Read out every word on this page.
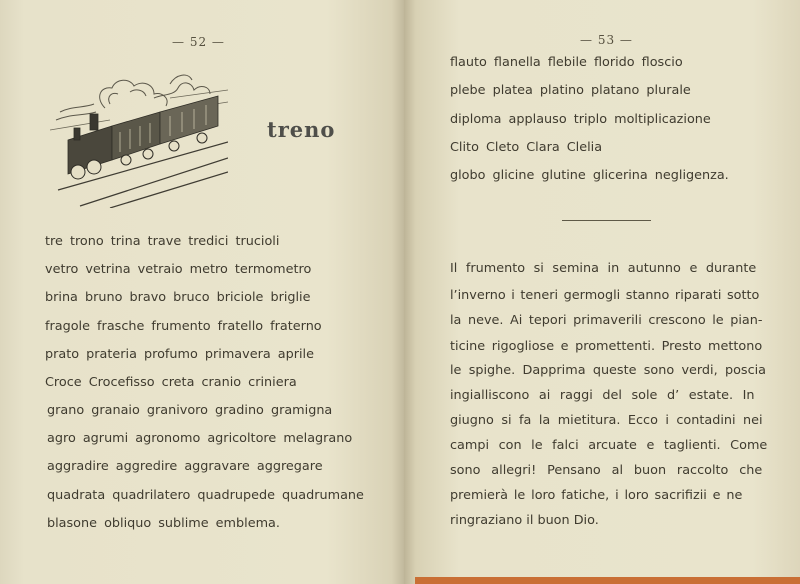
— 52 —
treno
tre trono trina trave tredici trucioli
vetro vetrina vetraio metro termometro
brina bruno bravo bruco briciole briglie
fragole frasche frumento fratello fraterno
prato prateria profumo primavera aprile
Croce Crocefisso creta cranio criniera
grano granaio granivoro gradino gramigna
agro agrumi agronomo agricoltore melagrano
aggradire aggredire aggravare aggregare
quadrata quadrilatero quadrupede quadrumane
blasone obliquo sublime emblema.
— 53 —
flauto flanella flebile florido floscio
plebe platea platino platano plurale
diploma applauso triplo moltiplicazione
Clito Cleto Clara Clelia
globo glicine glutine glicerina negligenza.
Il frumento si semina in autunno e durante
l’inverno i teneri germogli stanno riparati sotto
la neve. Ai tepori primaverili crescono le pian-
ticine rigogliose e promettenti. Presto mettono
le spighe. Dapprima queste sono verdi, poscia
ingialliscono ai raggi del sole d’ estate. In
giugno si fa la mietitura. Ecco i contadini nei
campi con le falci arcuate e taglienti. Come
sono allegri! Pensano al buon raccolto che
premierà le loro fatiche, i loro sacrifizii e ne
ringraziano il buon Dio.
